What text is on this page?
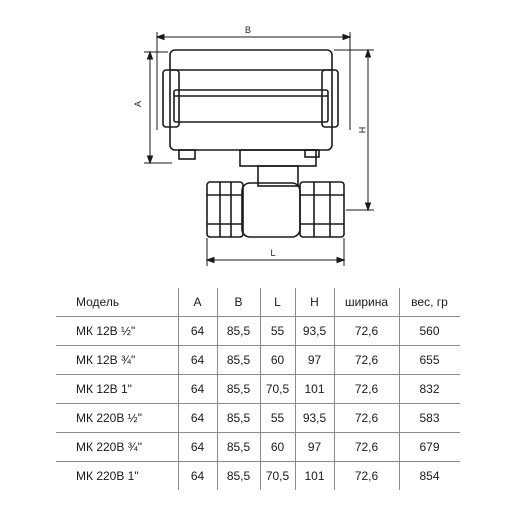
B
A
H
L
Модель	A	B	L	H	ширина	вес, гр
МК 12В ½"	64	85,5	55	93,5	72,6	560
МК 12В ¾"	64	85,5	60	97	72,6	655
МК 12В 1"	64	85,5	70,5	101	72,6	832
МК 220В ½"	64	85,5	55	93,5	72,6	583
МК 220В ¾"	64	85,5	60	97	72,6	679
МК 220В 1"	64	85,5	70,5	101	72,6	854
